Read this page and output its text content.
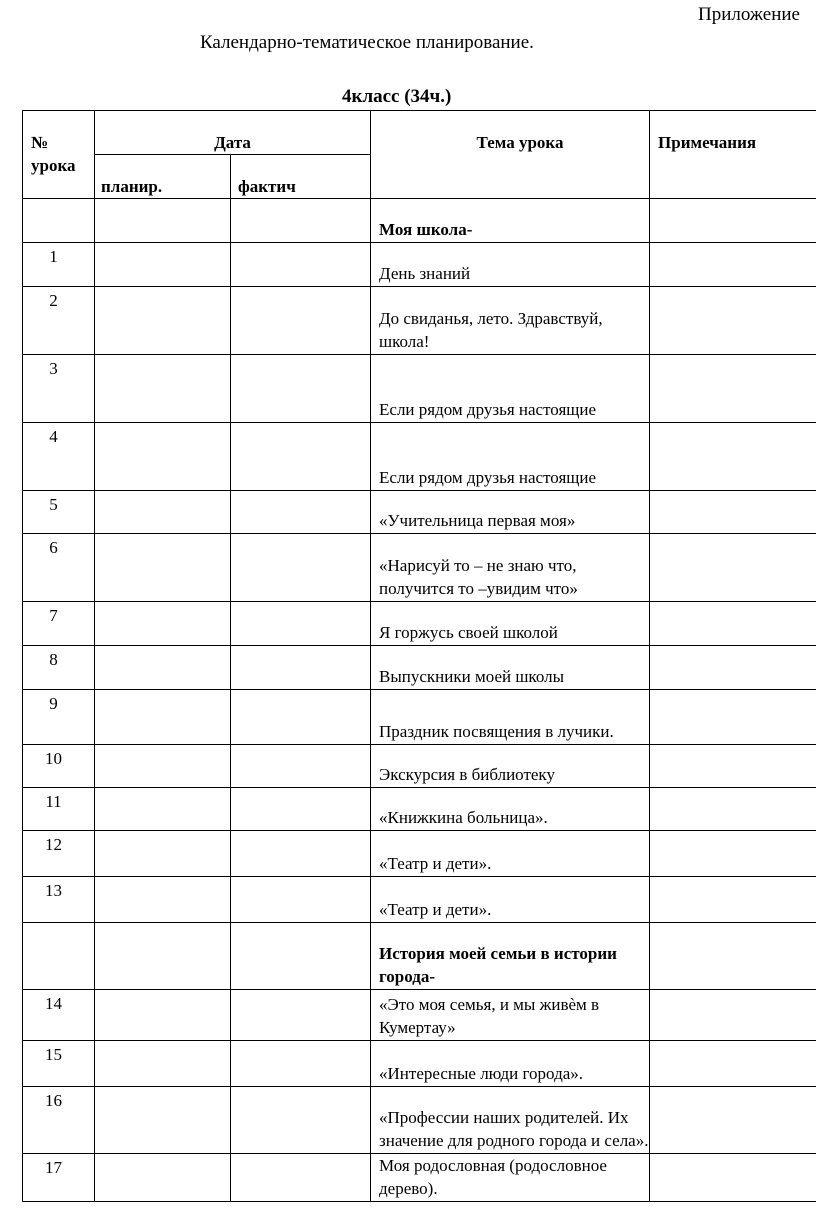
Приложение
Календарно-тематическое планирование.
4класс (34ч.)
№
урока	Дата		Тема урока	Примечания
	планир.	фактич		

			Моя школа-	

1			День знаний	

2			До свиданья, лето. Здравствуй, школа!	

3			Если рядом друзья настоящие	

4			Если рядом друзья настоящие	

5			«Учительница первая моя»	

6			«Нарисуй то – не знаю что, получится то –увидим что»	

7			Я горжусь своей школой	

8			Выпускники моей школы	

9			Праздник посвящения в лучики.	

10			Экскурсия в библиотеку	

11			«Книжкина больница».	

12			«Театр и дети».	

13			«Театр и дети».	

			История моей семьи в истории города-	

14			«Это моя семья, и мы живѐм в Кумертау»	

15			«Интересные люди города».	

16			«Профессии наших родителей. Их значение для родного города и села».	

17			Моя родословная (родословное дерево).	
